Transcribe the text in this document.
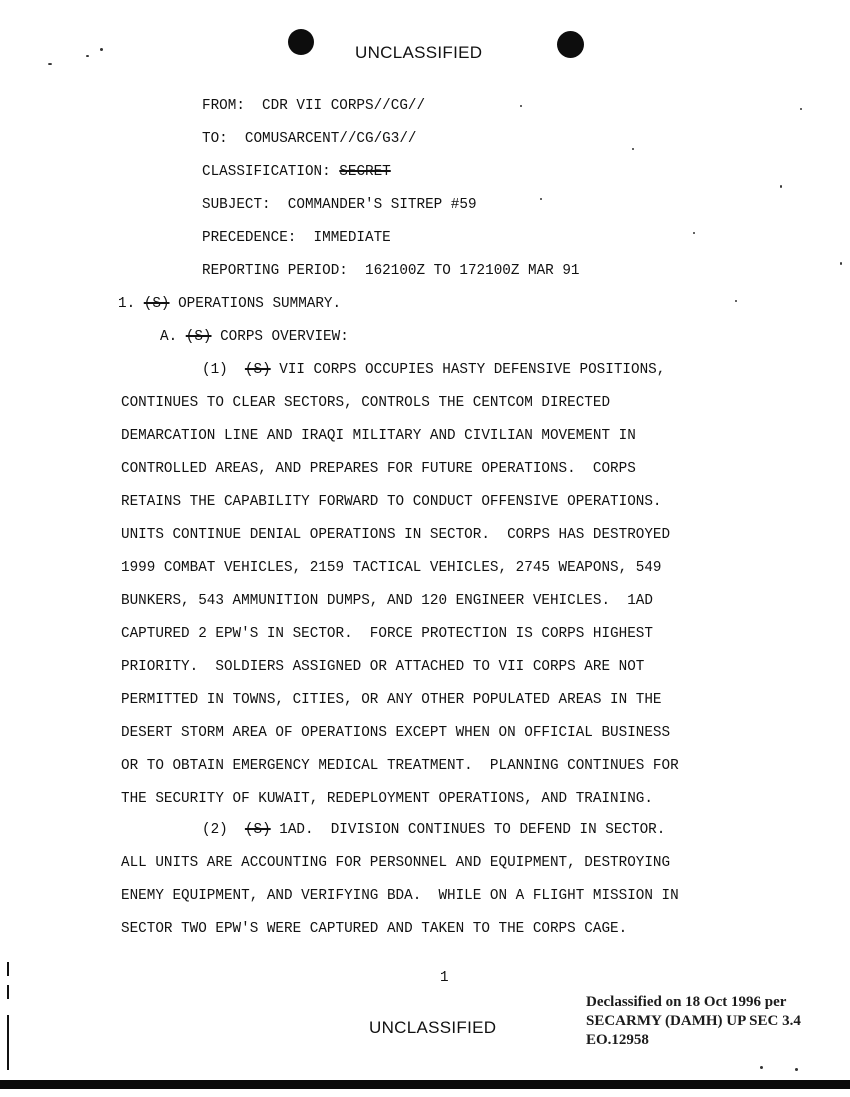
UNCLASSIFIED
FROM:  CDR VII CORPS//CG//
TO:  COMUSARCENT//CG/G3//
CLASSIFICATION: SECRET
SUBJECT:  COMMANDER'S SITREP #59
PRECEDENCE:  IMMEDIATE
REPORTING PERIOD:  162100Z TO 172100Z MAR 91
1. (S) OPERATIONS SUMMARY.
A. (S) CORPS OVERVIEW:
(1)  (S) VII CORPS OCCUPIES HASTY DEFENSIVE POSITIONS,
CONTINUES TO CLEAR SECTORS, CONTROLS THE CENTCOM DIRECTED
DEMARCATION LINE AND IRAQI MILITARY AND CIVILIAN MOVEMENT IN
CONTROLLED AREAS, AND PREPARES FOR FUTURE OPERATIONS.  CORPS
RETAINS THE CAPABILITY FORWARD TO CONDUCT OFFENSIVE OPERATIONS.
UNITS CONTINUE DENIAL OPERATIONS IN SECTOR.  CORPS HAS DESTROYED
1999 COMBAT VEHICLES, 2159 TACTICAL VEHICLES, 2745 WEAPONS, 549
BUNKERS, 543 AMMUNITION DUMPS, AND 120 ENGINEER VEHICLES.  1AD
CAPTURED 2 EPW'S IN SECTOR.  FORCE PROTECTION IS CORPS HIGHEST
PRIORITY.  SOLDIERS ASSIGNED OR ATTACHED TO VII CORPS ARE NOT
PERMITTED IN TOWNS, CITIES, OR ANY OTHER POPULATED AREAS IN THE
DESERT STORM AREA OF OPERATIONS EXCEPT WHEN ON OFFICIAL BUSINESS
OR TO OBTAIN EMERGENCY MEDICAL TREATMENT.  PLANNING CONTINUES FOR
THE SECURITY OF KUWAIT, REDEPLOYMENT OPERATIONS, AND TRAINING.
(2)  (S) 1AD.  DIVISION CONTINUES TO DEFEND IN SECTOR.
ALL UNITS ARE ACCOUNTING FOR PERSONNEL AND EQUIPMENT, DESTROYING
ENEMY EQUIPMENT, AND VERIFYING BDA.  WHILE ON A FLIGHT MISSION IN
SECTOR TWO EPW'S WERE CAPTURED AND TAKEN TO THE CORPS CAGE.
1
UNCLASSIFIED
Declassified on 18 Oct 1996 per
SECARMY (DAMH) UP SEC 3.4
EO.12958
